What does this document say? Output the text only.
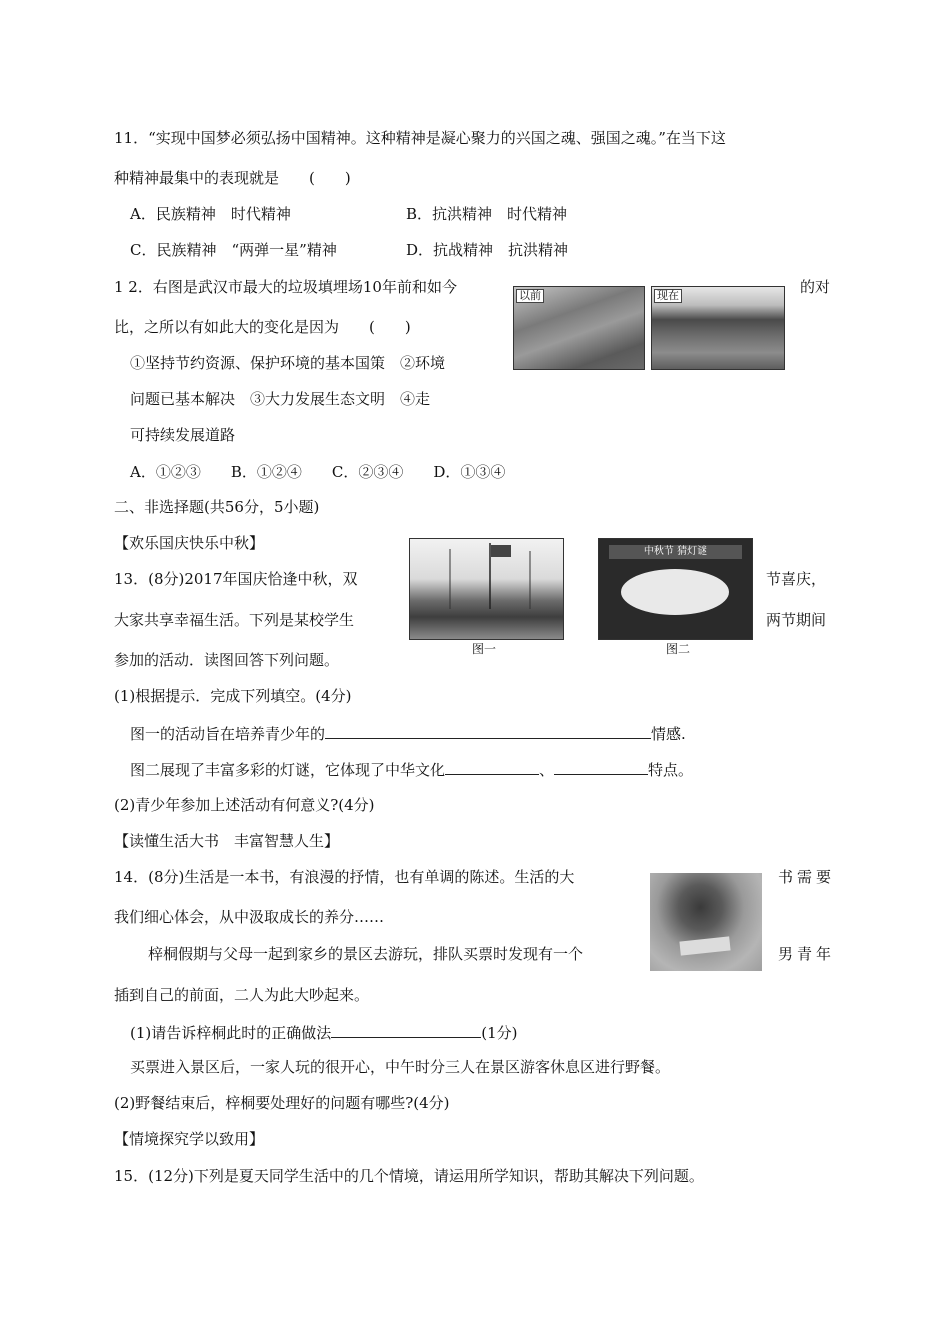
11．“实现中国梦必须弘扬中国精神。这种精神是凝心聚力的兴国之魂、强国之魂。”在当下这
种精神最集中的表现就是　　(　　)
A．民族精神　时代精神	B．抗洪精神　时代精神
C．民族精神　“两弹一星”精神	D．抗战精神　抗洪精神
1 2．右图是武汉市最大的垃圾填埋场10年前和如今	的对
比，之所以有如此大的变化是因为　　(　　)
①坚持节约资源、保护环境的基本国策　②环境
问题已基本解决　③大力发展生态文明　④走
可持续发展道路
A．①②③　　B．①②④　　C．②③④　　D．①③④
以前	现在
二、非选择题(共56分，5小题)
【欢乐国庆快乐中秋】
13．(8分)2017年国庆恰逢中秋，双	节喜庆，
大家共享幸福生活。下列是某校学生	两节期间
参加的活动．读图回答下列问题。
图一
中秋节 猜灯谜
图二
(1)根据提示．完成下列填空。(4分)
图一的活动旨在培养青少年的	情感.
图二展现了丰富多彩的灯谜，它体现了中华文化	、	特点。
(2)青少年参加上述活动有何意义?(4分)
【读懂生活大书　丰富智慧人生】
14．(8分)生活是一本书，有浪漫的抒情，也有单调的陈述。生活的大	书需要
我们细心体会，从中汲取成长的养分……
梓桐假期与父母一起到家乡的景区去游玩，排队买票时发现有一个	男青年
插到自己的前面，二人为此大吵起来。
(1)请告诉梓桐此时的正确做法	(1分)
买票进入景区后，一家人玩的很开心，中午时分三人在景区游客休息区进行野餐。
(2)野餐结束后，梓桐要处理好的问题有哪些?(4分)
【情境探究学以致用】
15．(12分)下列是夏天同学生活中的几个情境，请运用所学知识，帮助其解决下列问题。
